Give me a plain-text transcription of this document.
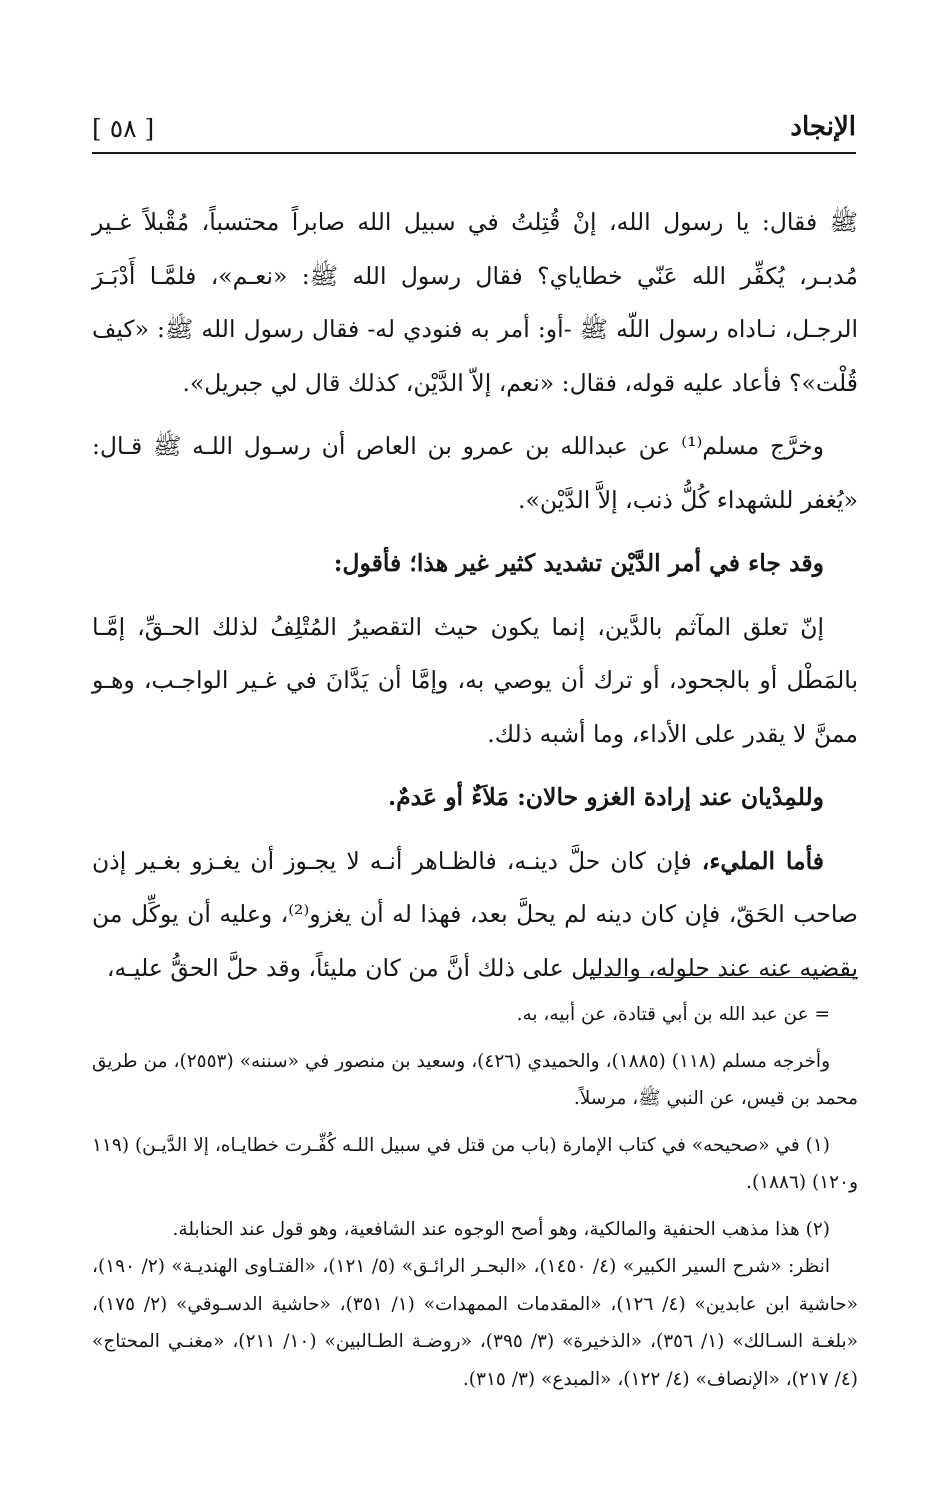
الإنجاد
[ ٥٨ ]

ﷺ فقال: يا رسول الله، إنْ قُتِلتُ في سبيل الله صابراً محتسباً، مُقْبلاً غـير مُدبـر، يُكفِّر الله عَنّي خطاياي؟ فقال رسول الله ﷺ: «نعـم»، فلمَّـا أَدْبَـرَ الرجـل، نـاداه رسول اللّه ﷺ -أو: أمر به فنودي له- فقال رسول الله ﷺ: «كيف قُلْت»؟ فأعاد عليه قوله، فقال: «نعم، إلاّ الدَّيْن، كذلك قال لي جبريل».

وخرَّج مسلم⁽¹⁾ عن عبدالله بن عمرو بن العاص أن رسـول اللـه ﷺ قـال: «يُغفر للشهداء كُلُّ ذنب، إلاَّ الدَّيْن».

وقد جاء في أمر الدَّيْن تشديد كثير غير هذا؛ فأقول:

إنّ تعلق المآثم بالدَّين، إنما يكون حيث التقصيرُ المُتْلِفُ لذلك الحـقِّ، إمَّـا بالمَطْل أو بالجحود، أو ترك أن يوصي به، وإمَّا أن يَدَّانَ في غـير الواجـب، وهـو ممنَّ لا يقدر على الأداء، وما أشبه ذلك.

وللمِدْيان عند إرادة الغزو حالان: مَلاَءٌ أو عَدمٌ.

فأما المليء، فإن كان حلَّ دينـه، فالظـاهر أنـه لا يجـوز أن يغـزو بغـير إذن صاحب الحَقّ، فإن كان دينه لم يحلَّ بعد، فهذا له أن يغزو⁽²⁾، وعليه أن يوكِّل من يقضيه عنه عند حلوله، والدليل على ذلك أنَّ من كان مليئاً، وقد حلَّ الحقُّ عليـه،

= عن عبد الله بن أبي قتادة، عن أبيه، به.

وأخرجه مسلم (١١٨) (١٨٨٥)، والحميدي (٤٢٦)، وسعيد بن منصور في «سننه» (٢٥٥٣)، من طريق محمد بن قيس، عن النبي ﷺ، مرسلاً.

(١) في «صحيحه» في كتاب الإمارة (باب من قتل في سبيل اللـه كُفِّـرت خطايـاه، إلا الدَّيـن) (١١٩ و١٢٠) (١٨٨٦).

(٢) هذا مذهب الحنفية والمالكية، وهو أصح الوجوه عند الشافعية، وهو قول عند الحنابلة.

انظر: «شرح السير الكبير» (٤/ ١٤٥٠)، «البحـر الرائـق» (٥/ ١٢١)، «الفتـاوى الهنديـة» (٢/ ١٩٠)، «حاشية ابن عابدين» (٤/ ١٢٦)، «المقدمات الممهدات» (١/ ٣٥١)، «حاشية الدسـوقي» (٢/ ١٧٥)، «بلغـة السـالك» (١/ ٣٥٦)، «الذخيرة» (٣/ ٣٩٥)، «روضـة الطـالبين» (١٠/ ٢١١)، «مغنـي المحتاج» (٤/ ٢١٧)، «الإنصاف» (٤/ ١٢٢)، «المبدع» (٣/ ٣١٥).
